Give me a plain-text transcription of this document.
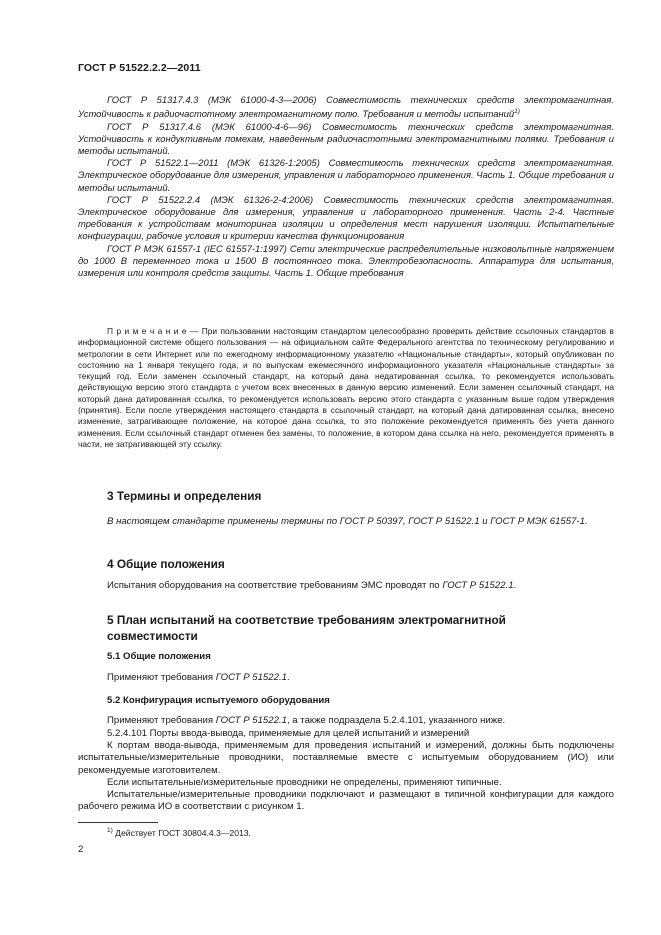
ГОСТ Р 51522.2.2—2011

ГОСТ Р 51317.4.3 (МЭК 61000-4-3—2006) Совместимость технических средств электромагнитная. Устойчивость к радиочастотному электромагнитному полю. Требования и методы испытаний$^{1)}$

ГОСТ Р 51317.4.6 (МЭК 61000-4-6—96) Совместимость технических средств электромагнитная. Устойчивость к кондуктивным помехам, наведенным радиочастотными электромагнитными полями. Требования и методы испытаний.

ГОСТ Р 51522.1—2011 (МЭК 61326-1:2005) Совместимость технических средств электромагнитная. Электрическое оборудование для измерения, управления и лабораторного применения. Часть 1. Общие требования и методы испытаний.

ГОСТ Р 51522.2.4 (МЭК 61326-2-4:2006) Совместимость технических средств электромагнитная. Электрическое оборудование для измерения, управления и лабораторного применения. Часть 2-4. Частные требования к устройствам мониторинга изоляции и определения мест нарушения изоляции. Испытательные конфигурации, рабочие условия и критерии качества функционирования

ГОСТ Р МЭК 61557-1 (IEC 61557-1:1997) Сети электрические распределительные низковольтные напряжением до 1000 В переменного тока и 1500 В постоянного тока. Электробезопасность. Аппаратура для испытания, измерения или контроля средств защиты. Часть 1. Общие требования

П р и м е ч а н и е — При пользовании настоящим стандартом целесообразно проверить действие ссылочных стандартов в информационной системе общего пользования — на официальном сайте Федерального агентства по техническому регулированию и метрологии в сети Интернет или по ежегодному информационному указателю «Национальные стандарты», который опубликован по состоянию на 1 января текущего года, и по выпускам ежемесячного информационного указателя «Национальные стандарты» за текущий год. Если заменен ссылочный стандарт, на который дана недатированная ссылка, то рекомендуется использовать действующую версию этого стандарта с учетом всех внесенных в данную версию изменений. Если заменен ссылочный стандарт, на который дана датированная ссылка, то рекомендуется использовать версию этого стандарта с указанным выше годом утверждения (принятия). Если после утверждения настоящего стандарта в ссылочный стандарт, на который дана датированная ссылка, внесено изменение, затрагивающее положение, на которое дана ссылка, то это положение рекомендуется применять без учета данного изменения. Если ссылочный стандарт отменен без замены, то положение, в котором дана ссылка на него, рекомендуется применять в части, не затрагивающей эту ссылку.
3 Термины и определения
В настоящем стандарте применены термины по ГОСТ Р 50397, ГОСТ Р 51522.1 и ГОСТ Р МЭК 61557-1.
4 Общие положения
Испытания оборудования на соответствие требованиям ЭМС проводят по ГОСТ Р 51522.1.
5 План испытаний на соответствие требованиям электромагнитной
совместимости
5.1 Общие положения
Применяют требования ГОСТ Р 51522.1.
5.2 Конфигурация испытуемого оборудования
Применяют требования ГОСТ Р 51522.1, а также подраздела 5.2.4.101, указанного ниже.
5.2.4.101 Порты ввода-вывода, применяемые для целей испытаний и измерений
К портам ввода-вывода, применяемым для проведения испытаний и измерений, должны быть подключены испытательные/измерительные проводники, поставляемые вместе с испытуемым оборудованием (ИО) или рекомендуемые изготовителем.
Если испытательные/измерительные проводники не определены, применяют типичные.
Испытательные/измерительные проводники подключают и размещают в типичной конфигурации для каждого рабочего режима ИО в соответствии с рисунком 1.
$^{1)}$ Действует ГОСТ 30804.4.3—2013.
2
